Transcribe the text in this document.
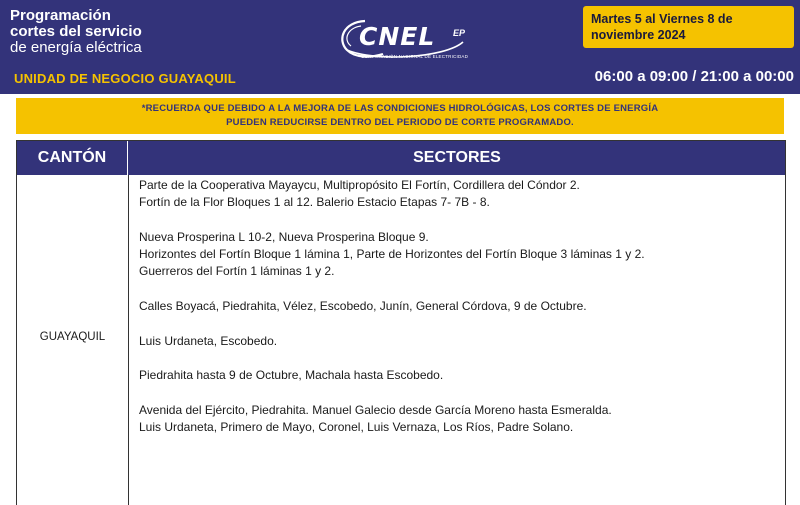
Programación
cortes del servicio
de energía eléctrica
UNIDAD DE NEGOCIO GUAYAQUIL
CNEL EP
CORPORACIÓN NACIONAL DE ELECTRICIDAD
Martes 5 al Viernes 8 de
noviembre 2024
06:00 a 09:00 / 21:00 a 00:00
*RECUERDA QUE DEBIDO A LA MEJORA DE LAS CONDICIONES HIDROLÓGICAS, LOS CORTES DE ENERGÍA
PUEDEN REDUCIRSE DENTRO DEL PERIODO DE CORTE PROGRAMADO.
CANTÓN	SECTORES
GUAYAQUIL
Parte de la Cooperativa Mayaycu, Multipropósito El Fortín, Cordillera del Cóndor 2.
Fortín de la Flor Bloques 1 al 12. Balerio Estacio Etapas 7- 7B - 8.
Nueva Prosperina L 10-2, Nueva Prosperina Bloque 9.
Horizontes del Fortín Bloque 1 lámina 1, Parte de Horizontes del Fortín Bloque 3 láminas 1 y 2.
Guerreros del Fortín 1 láminas 1 y 2.
Calles Boyacá, Piedrahita, Vélez, Escobedo, Junín, General Córdova, 9 de Octubre.
Luis Urdaneta, Escobedo.
Piedrahita hasta 9 de Octubre, Machala hasta Escobedo.
Avenida del Ejército, Piedrahita. Manuel Galecio desde García Moreno hasta Esmeralda.
Luis Urdaneta, Primero de Mayo, Coronel, Luis Vernaza, Los Ríos, Padre Solano.
